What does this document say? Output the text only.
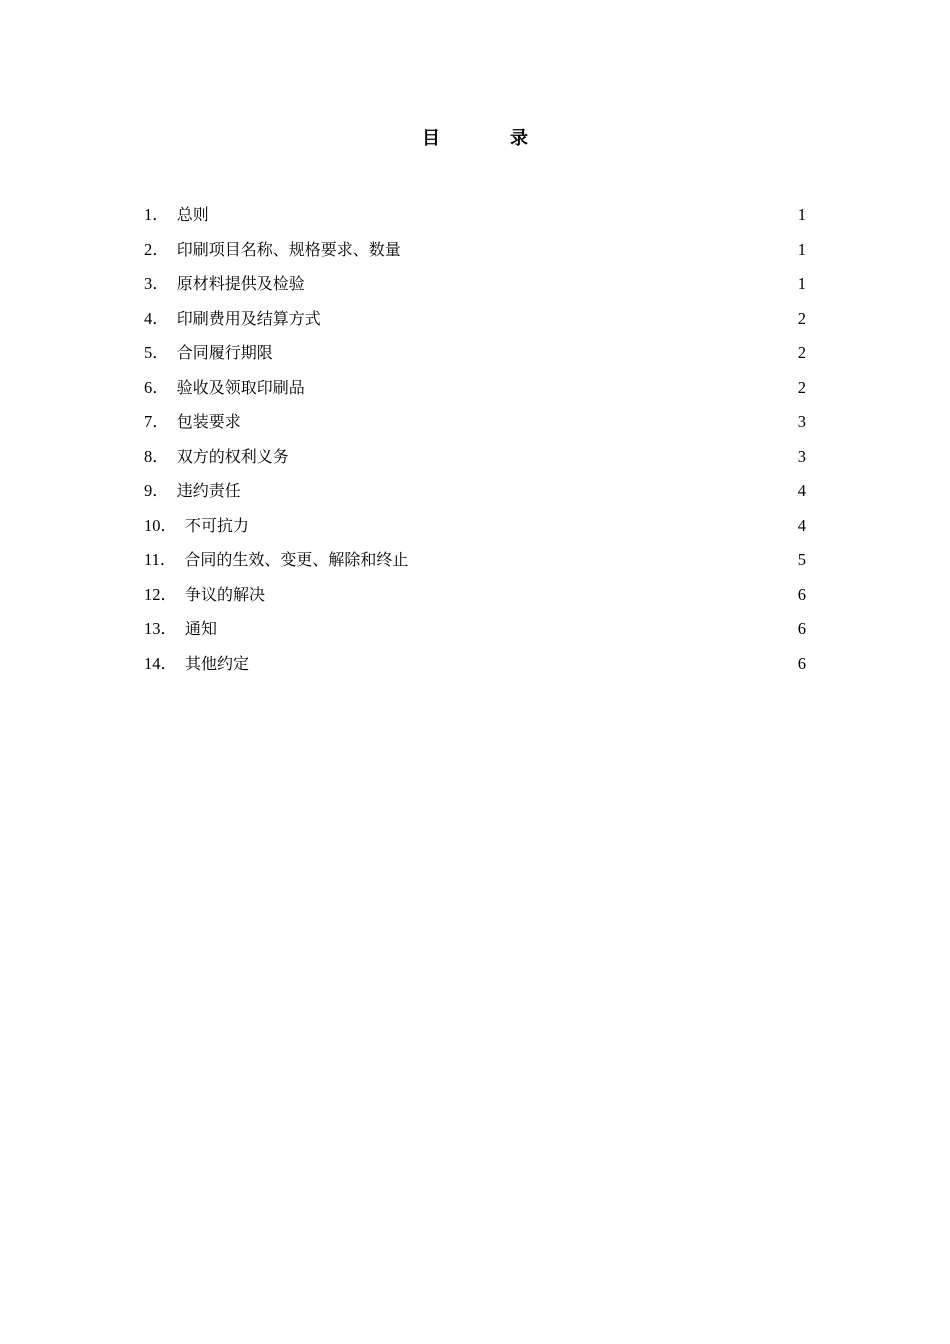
目　录
1． 总则	1
2． 印刷项目名称、规格要求、数量	1
3． 原材料提供及检验	1
4． 印刷费用及结算方式	2
5． 合同履行期限	2
6． 验收及领取印刷品	2
7． 包装要求	3
8． 双方的权利义务	3
9． 违约责任	4
10． 不可抗力	4
11． 合同的生效、变更、解除和终止	5
12． 争议的解决	6
13． 通知	6
14． 其他约定	6
